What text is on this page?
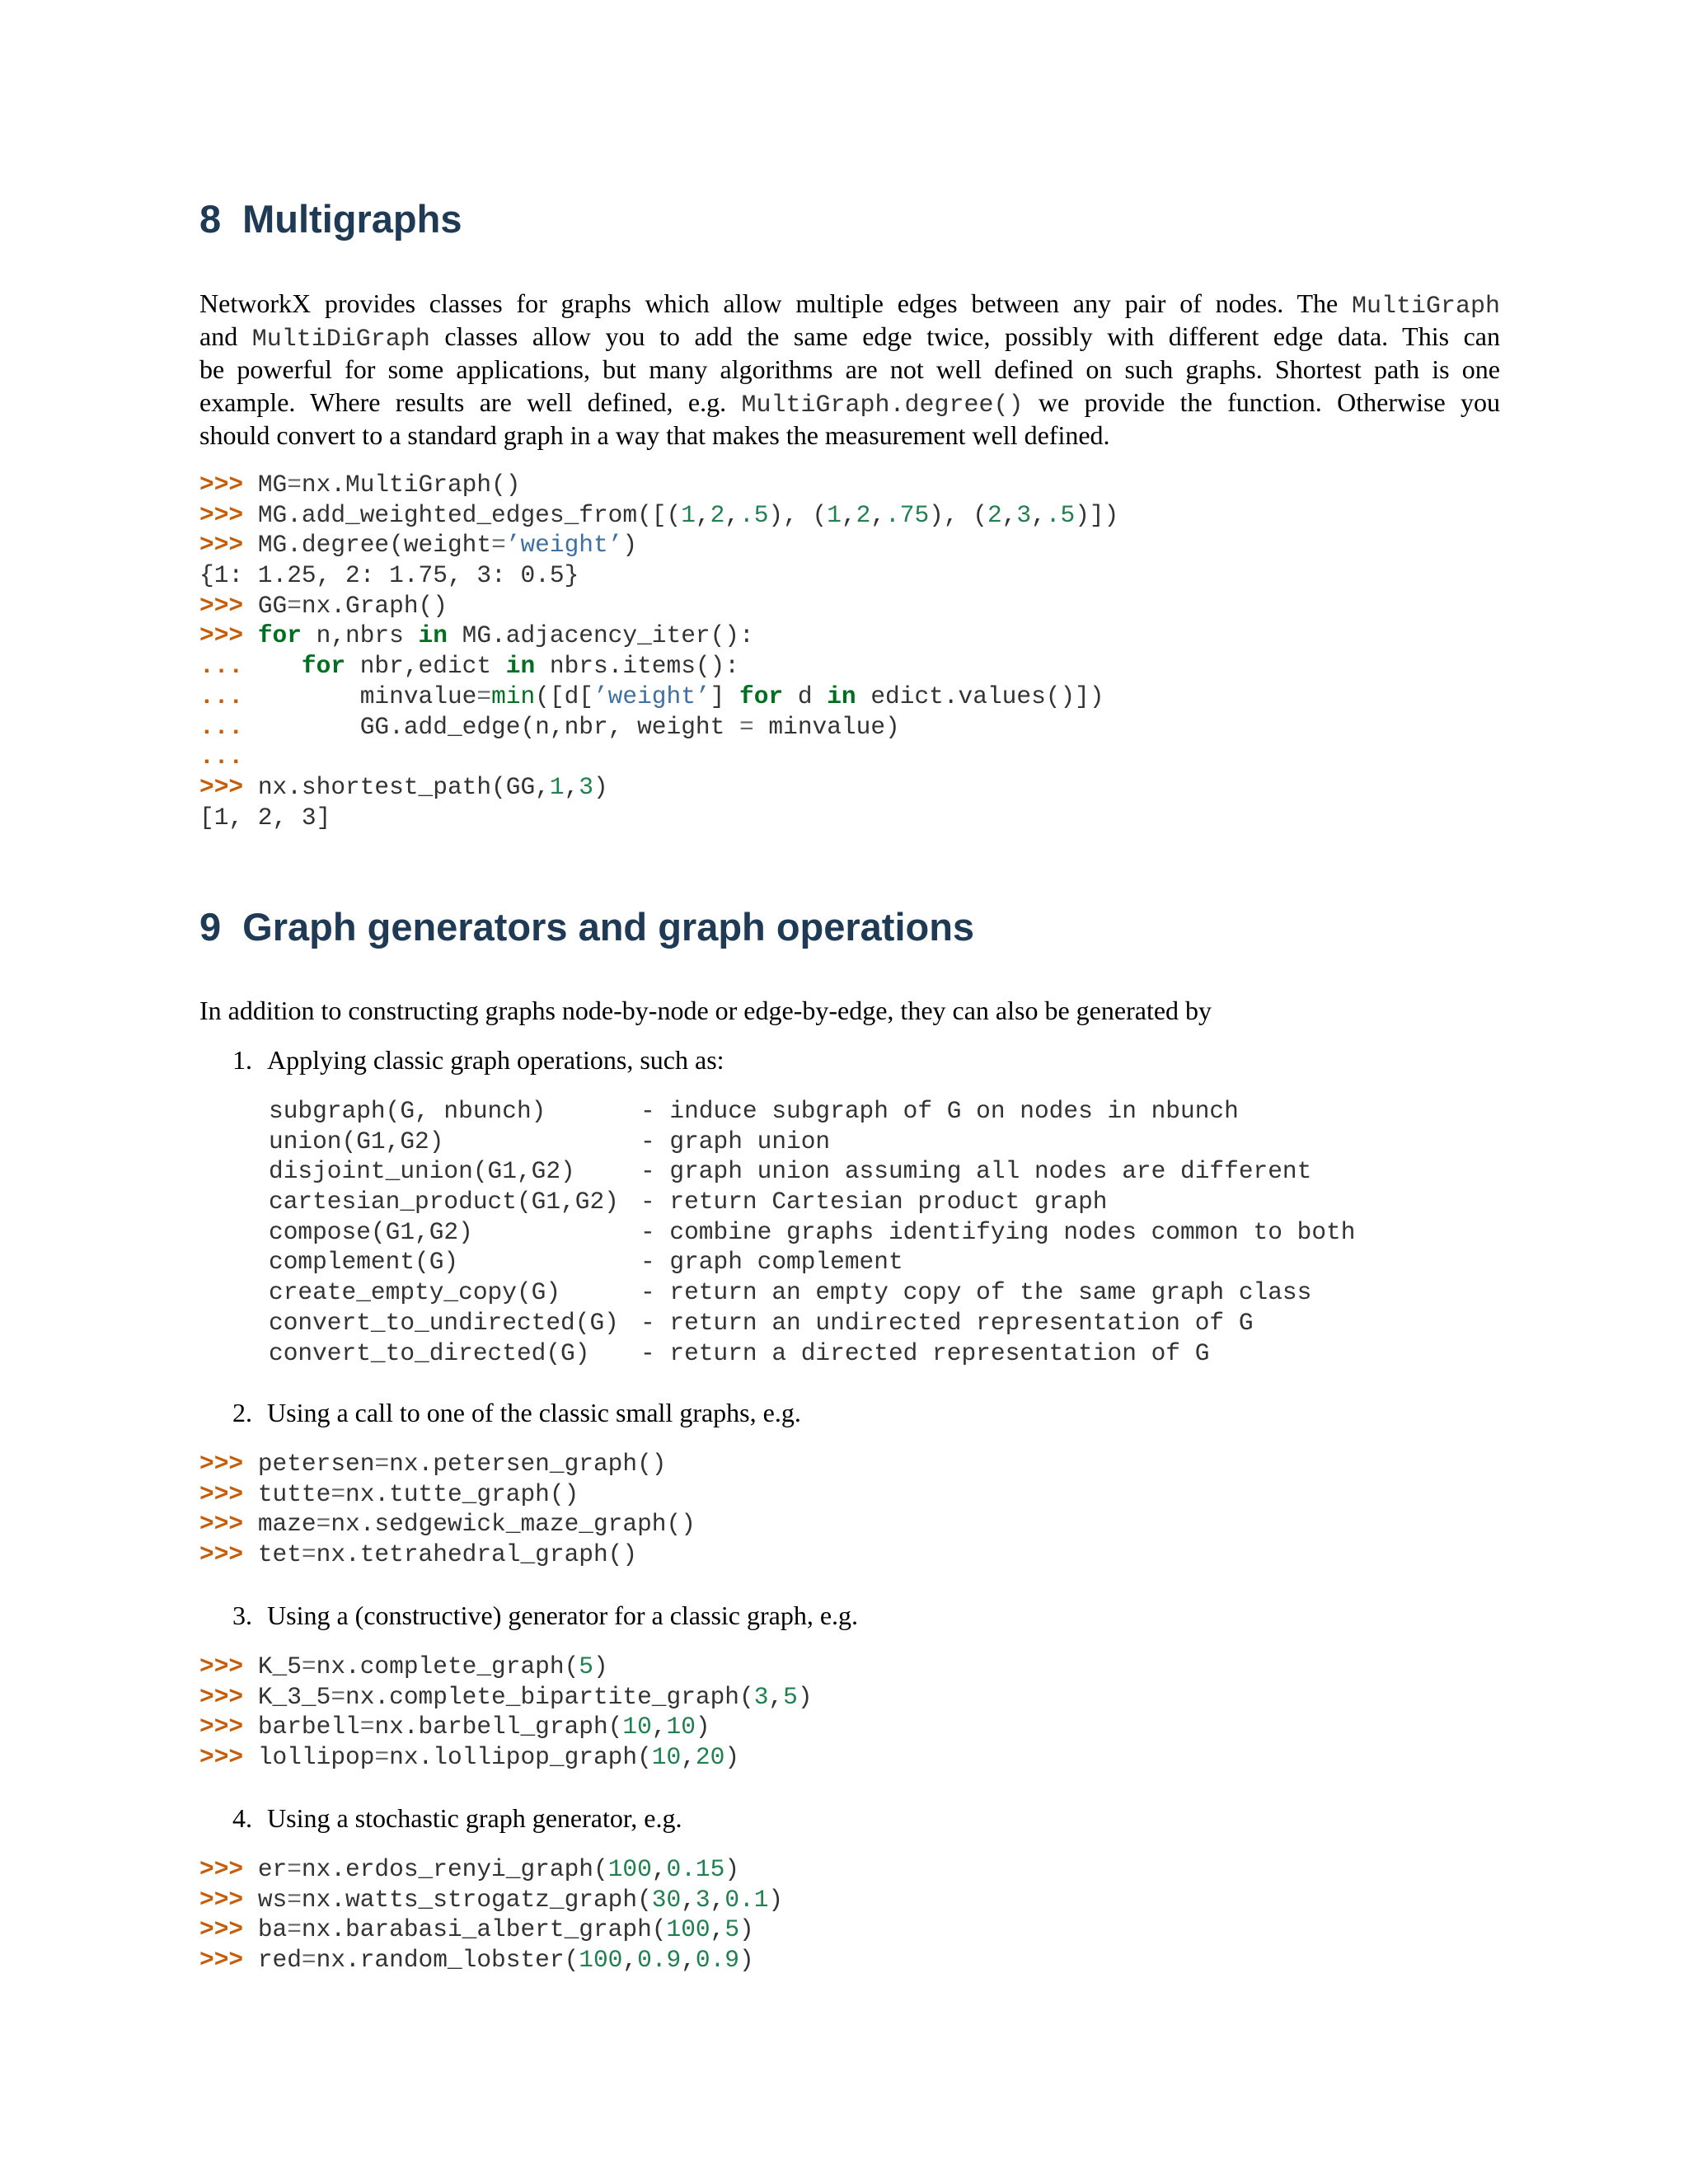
8 Multigraphs
NetworkX provides classes for graphs which allow multiple edges between any pair of nodes. The MultiGraph
and MultiDiGraph classes allow you to add the same edge twice, possibly with different edge data. This can
be powerful for some applications, but many algorithms are not well defined on such graphs. Shortest path is one
example. Where results are well defined, e.g. MultiGraph.degree() we provide the function. Otherwise you
should convert to a standard graph in a way that makes the measurement well defined.
>>> MG=nx.MultiGraph()
>>> MG.add_weighted_edges_from([(1,2,.5), (1,2,.75), (2,3,.5)])
>>> MG.degree(weight=’weight’)
{1: 1.25, 2: 1.75, 3: 0.5}
>>> GG=nx.Graph()
>>> for n,nbrs in MG.adjacency_iter():
...    for nbr,edict in nbrs.items():
...        minvalue=min([d[’weight’] for d in edict.values()])
...        GG.add_edge(n,nbr, weight = minvalue)
...
>>> nx.shortest_path(GG,1,3)
[1, 2, 3]
9 Graph generators and graph operations

In addition to constructing graphs node-by-node or edge-by-edge, they can also be generated by

1. Applying classic graph operations, such as:

subgraph(G, nbunch)	- induce subgraph of G on nodes in nbunch
union(G1,G2)	- graph union
disjoint_union(G1,G2)	- graph union assuming all nodes are different
cartesian_product(G1,G2) - return Cartesian product graph
compose(G1,G2)	- combine graphs identifying nodes common to both
complement(G)	- graph complement
create_empty_copy(G)	- return an empty copy of the same graph class
convert_to_undirected(G) - return an undirected representation of G
convert_to_directed(G) - return a directed representation of G

2. Using a call to one of the classic small graphs, e.g.

>>> petersen=nx.petersen_graph()
>>> tutte=nx.tutte_graph()
>>> maze=nx.sedgewick_maze_graph()
>>> tet=nx.tetrahedral_graph()

3. Using a (constructive) generator for a classic graph, e.g.

>>> K_5=nx.complete_graph(5)
>>> K_3_5=nx.complete_bipartite_graph(3,5)
>>> barbell=nx.barbell_graph(10,10)
>>> lollipop=nx.lollipop_graph(10,20)

4. Using a stochastic graph generator, e.g.

>>> er=nx.erdos_renyi_graph(100,0.15)
>>> ws=nx.watts_strogatz_graph(30,3,0.1)
>>> ba=nx.barabasi_albert_graph(100,5)
>>> red=nx.random_lobster(100,0.9,0.9)
